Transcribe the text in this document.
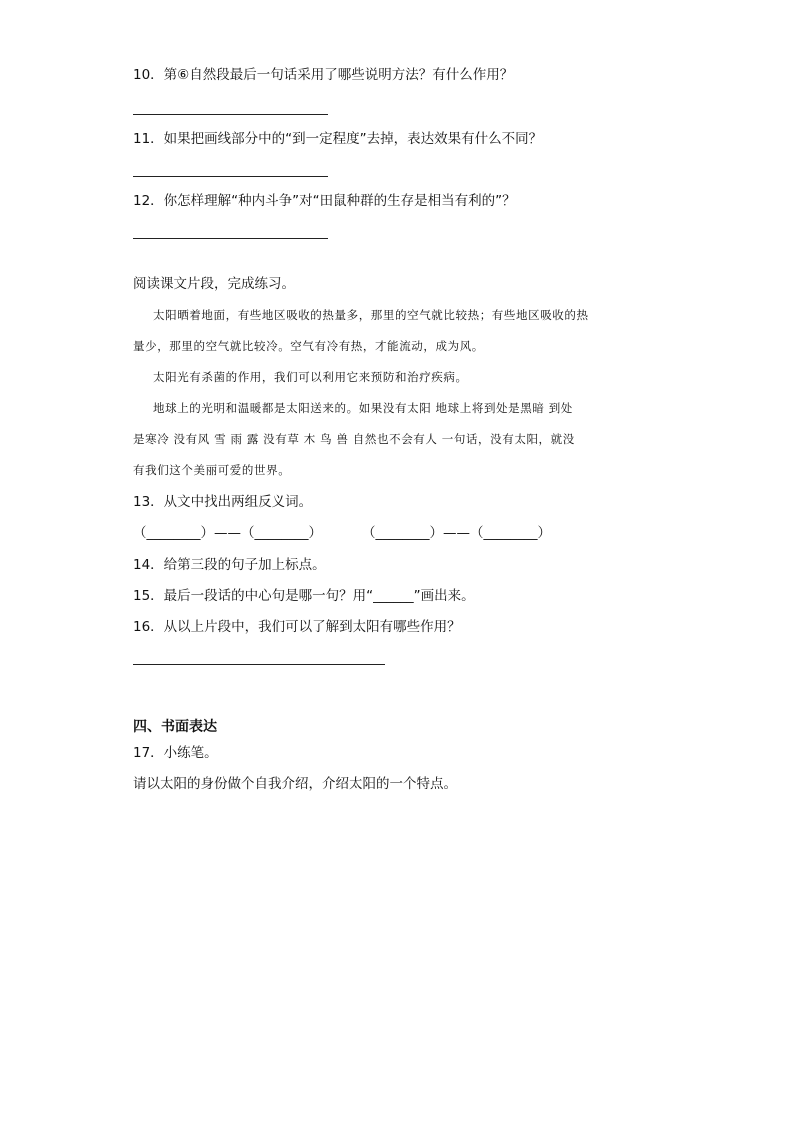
10．第⑥自然段最后一句话采用了哪些说明方法？有什么作用？
11．如果把画线部分中的“到一定程度”去掉，表达效果有什么不同？
12．你怎样理解“种内斗争”对“田鼠种群的生存是相当有利的”？
阅读课文片段，完成练习。
太阳晒着地面，有些地区吸收的热量多，那里的空气就比较热；有些地区吸收的热
量少，那里的空气就比较冷。空气有冷有热，才能流动，成为风。
太阳光有杀菌的作用，我们可以利用它来预防和治疗疾病。
地球上的光明和温暖都是太阳送来的。如果没有太阳 地球上将到处是黑暗 到处
是寒冷 没有风 雪 雨 露 没有草 木 鸟 兽 自然也不会有人 一句话，没有太阳，就没
有我们这个美丽可爱的世界。
13．从文中找出两组反义词。
（________）——（________）	（________）——（________）
14．给第三段的句子加上标点。
15．最后一段话的中心句是哪一句？用“______”画出来。
16．从以上片段中，我们可以了解到太阳有哪些作用？
四、书面表达
17．小练笔。
请以太阳的身份做个自我介绍，介绍太阳的一个特点。
